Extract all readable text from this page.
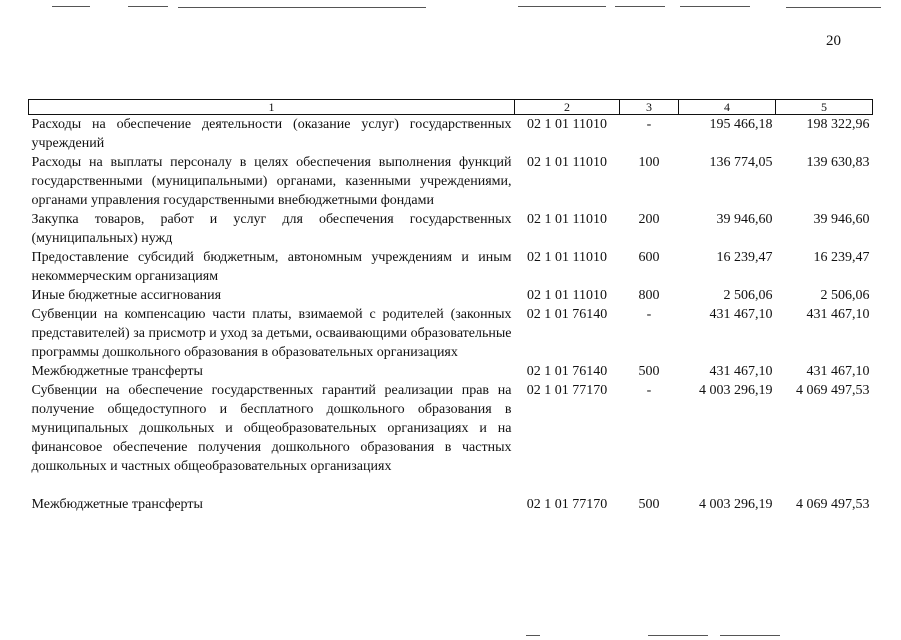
20
1	2	3	4	5
Расходы на обеспечение деятельности (оказание услуг) государственных учреждений	02 1 01 11010	-	195 466,18	198 322,96
Расходы на выплаты персоналу в целях обеспечения выполнения функций государственными (муниципальными) органами, казенными учреждениями, органами управления государственными внебюджетными фондами	02 1 01 11010	100	136 774,05	139 630,83
Закупка товаров, работ и услуг для обеспечения государственных (муниципальных) нужд	02 1 01 11010	200	39 946,60	39 946,60
Предоставление субсидий бюджетным, автономным учреждениям и иным некоммерческим организациям	02 1 01 11010	600	16 239,47	16 239,47
Иные бюджетные ассигнования	02 1 01 11010	800	2 506,06	2 506,06
Субвенции на компенсацию части платы, взимаемой с родителей (законных представителей) за присмотр и уход за детьми, осваивающими образовательные программы дошкольного образования в образовательных организациях	02 1 01 76140	-	431 467,10	431 467,10
Межбюджетные трансферты	02 1 01 76140	500	431 467,10	431 467,10
Субвенции на обеспечение государственных гарантий реализации прав на получение общедоступного и бесплатного дошкольного образования в муниципальных дошкольных и общеобразовательных организациях и на финансовое обеспечение получения дошкольного образования в частных дошкольных и частных общеобразовательных организациях	02 1 01 77170	-	4 003 296,19	4 069 497,53

Межбюджетные трансферты	02 1 01 77170	500	4 003 296,19	4 069 497,53
